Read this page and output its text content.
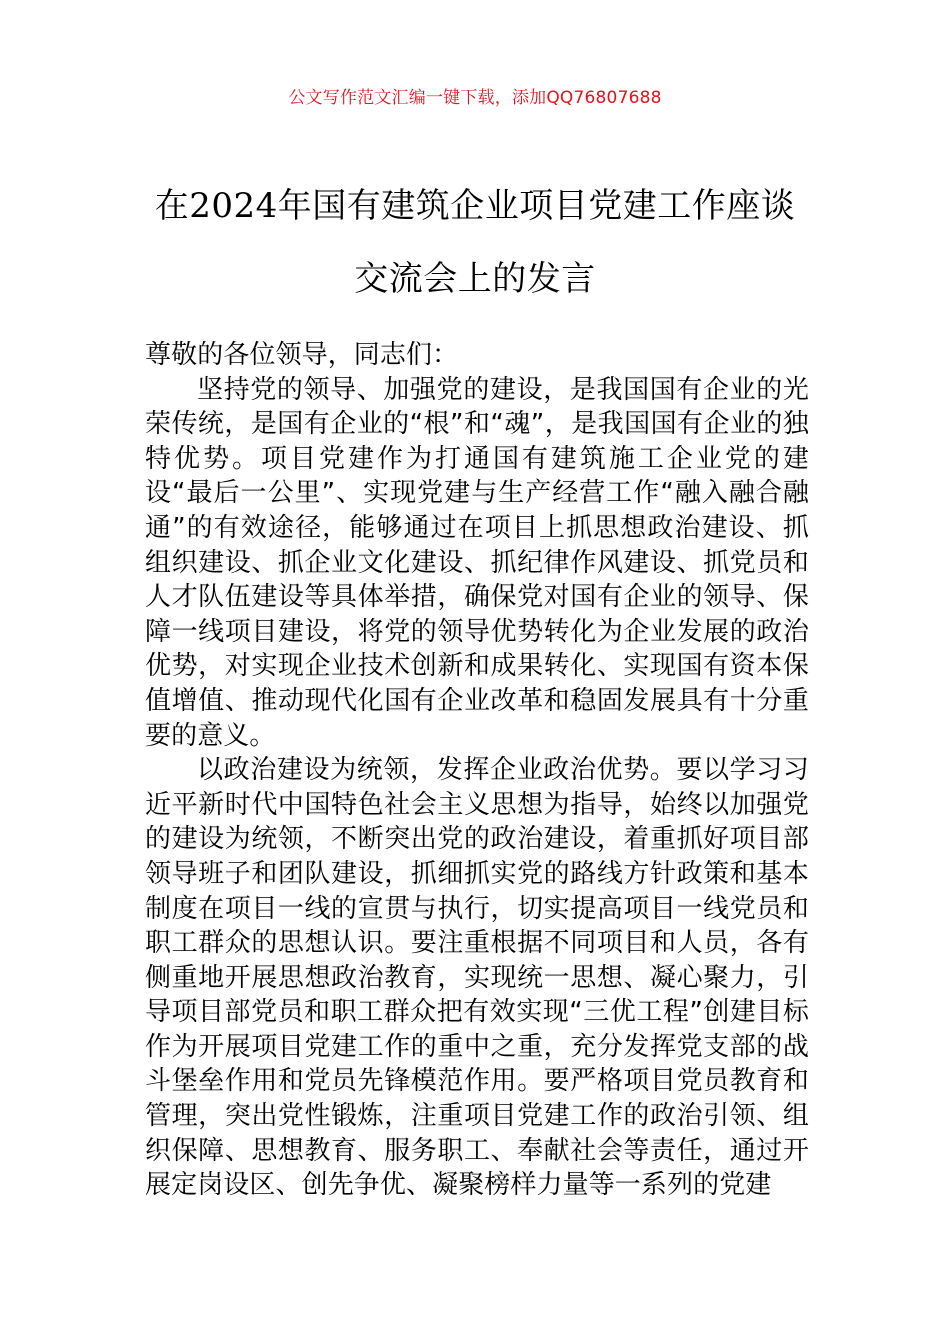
公文写作范文汇编一键下载，添加QQ76807688
在2024年国有建筑企业项目党建工作座谈
交流会上的发言

尊敬的各位领导，同志们：

坚持党的领导、加强党的建设，是我国国有企业的光荣传统，是国有企业的“根”和“魂”，是我国国有企业的独特优势。项目党建作为打通国有建筑施工企业党的建设“最后一公里”、实现党建与生产经营工作“融入融合融通”的有效途径，能够通过在项目上抓思想政治建设、抓组织建设、抓企业文化建设、抓纪律作风建设、抓党员和人才队伍建设等具体举措，确保党对国有企业的领导、保障一线项目建设，将党的领导优势转化为企业发展的政治优势，对实现企业技术创新和成果转化、实现国有资本保值增值、推动现代化国有企业改革和稳固发展具有十分重要的意义。

以政治建设为统领，发挥企业政治优势。要以学习习近平新时代中国特色社会主义思想为指导，始终以加强党的建设为统领，不断突出党的政治建设，着重抓好项目部领导班子和团队建设，抓细抓实党的路线方针政策和基本制度在项目一线的宣贯与执行，切实提高项目一线党员和职工群众的思想认识。要注重根据不同项目和人员，各有侧重地开展思想政治教育，实现统一思想、凝心聚力，引导项目部党员和职工群众把有效实现“三优工程”创建目标作为开展项目党建工作的重中之重，充分发挥党支部的战斗堡垒作用和党员先锋模范作用。要严格项目党员教育和管理，突出党性锻炼，注重项目党建工作的政治引领、组织保障、思想教育、服务职工、奉献社会等责任，通过开展定岗设区、创先争优、凝聚榜样力量等一系列的党建
